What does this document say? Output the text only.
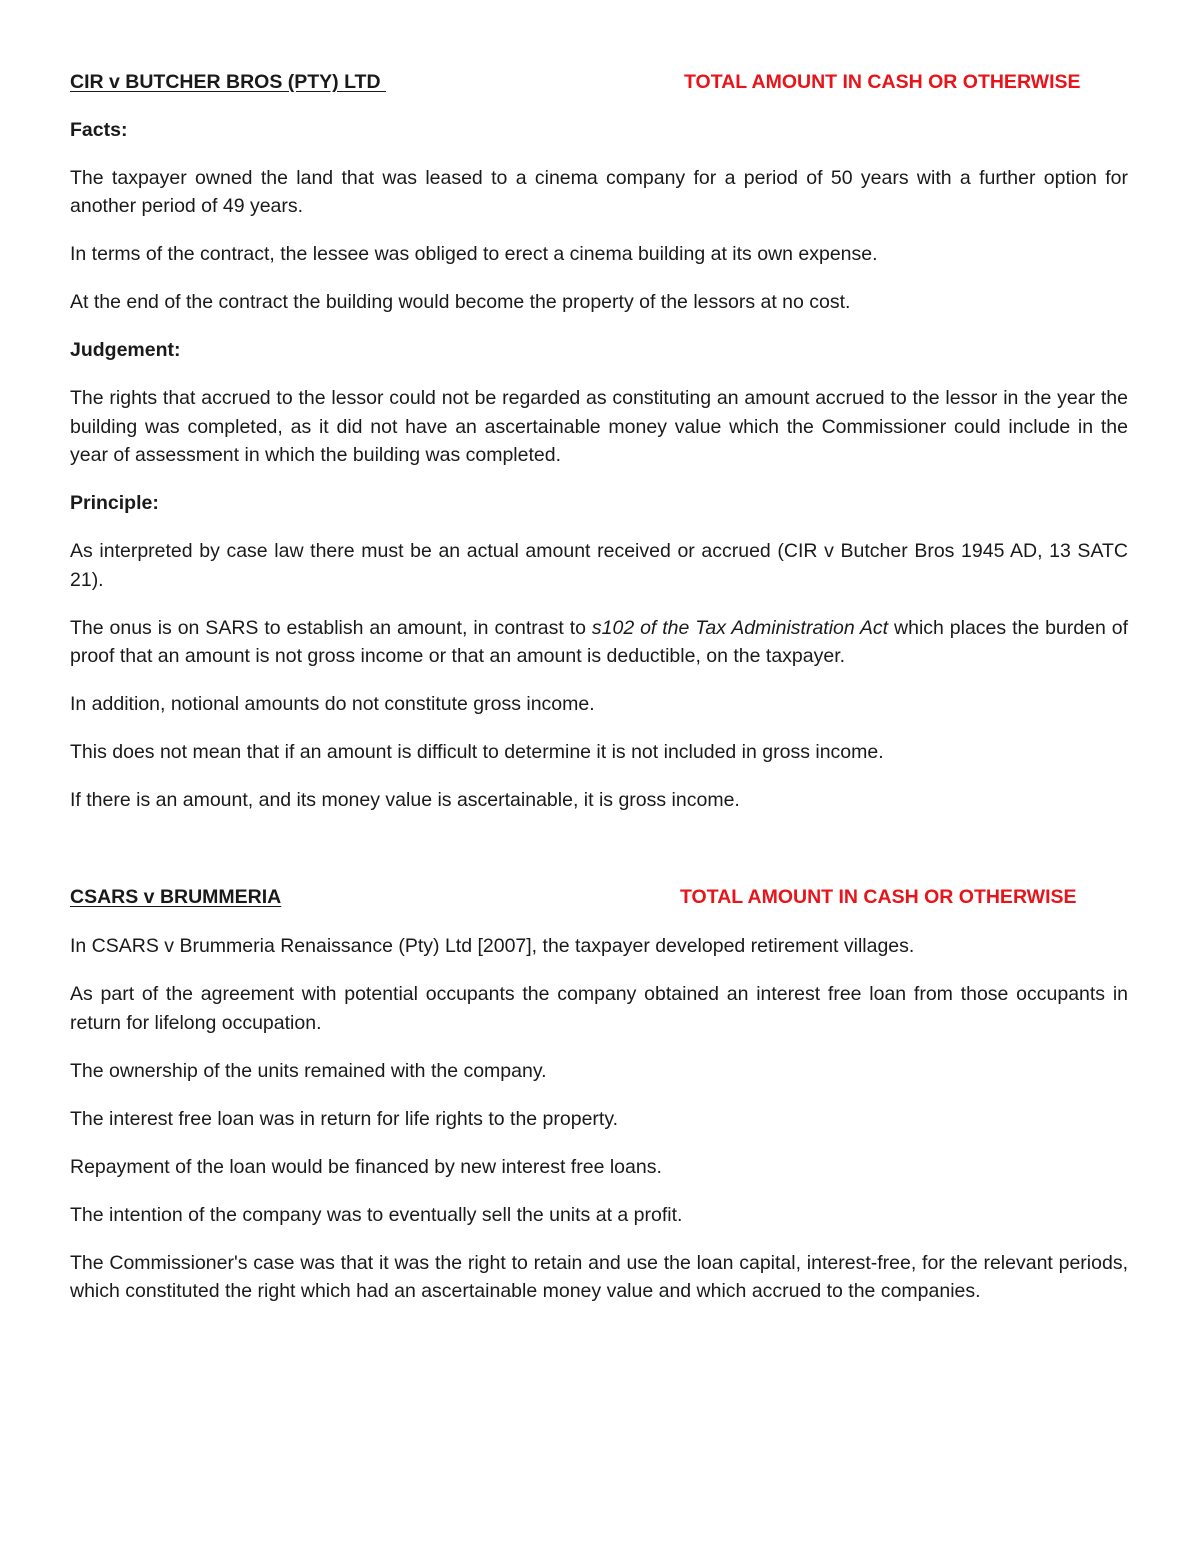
CIR v BUTCHER BROS (PTY) LTD	TOTAL AMOUNT IN CASH OR OTHERWISE

Facts:

The taxpayer owned the land that was leased to a cinema company for a period of 50 years with a further option for another period of 49 years.

In terms of the contract, the lessee was obliged to erect a cinema building at its own expense.

At the end of the contract the building would become the property of the lessors at no cost.

Judgement:

The rights that accrued to the lessor could not be regarded as constituting an amount accrued to the lessor in the year the building was completed, as it did not have an ascertainable money value which the Commissioner could include in the year of assessment in which the building was completed.

Principle:

As interpreted by case law there must be an actual amount received or accrued (CIR v Butcher Bros 1945 AD, 13 SATC 21).

The onus is on SARS to establish an amount, in contrast to s102 of the Tax Administration Act which places the burden of proof that an amount is not gross income or that an amount is deductible, on the taxpayer.

In addition, notional amounts do not constitute gross income.

This does not mean that if an amount is difficult to determine it is not included in gross income.

If there is an amount, and its money value is ascertainable, it is gross income.

CSARS v BRUMMERIA	TOTAL AMOUNT IN CASH OR OTHERWISE

In CSARS v Brummeria Renaissance (Pty) Ltd [2007], the taxpayer developed retirement villages.

As part of the agreement with potential occupants the company obtained an interest free loan from those occupants in return for lifelong occupation.

The ownership of the units remained with the company.

The interest free loan was in return for life rights to the property.

Repayment of the loan would be financed by new interest free loans.

The intention of the company was to eventually sell the units at a profit.

The Commissioner's case was that it was the right to retain and use the loan capital, interest-free, for the relevant periods, which constituted the right which had an ascertainable money value and which accrued to the companies.
